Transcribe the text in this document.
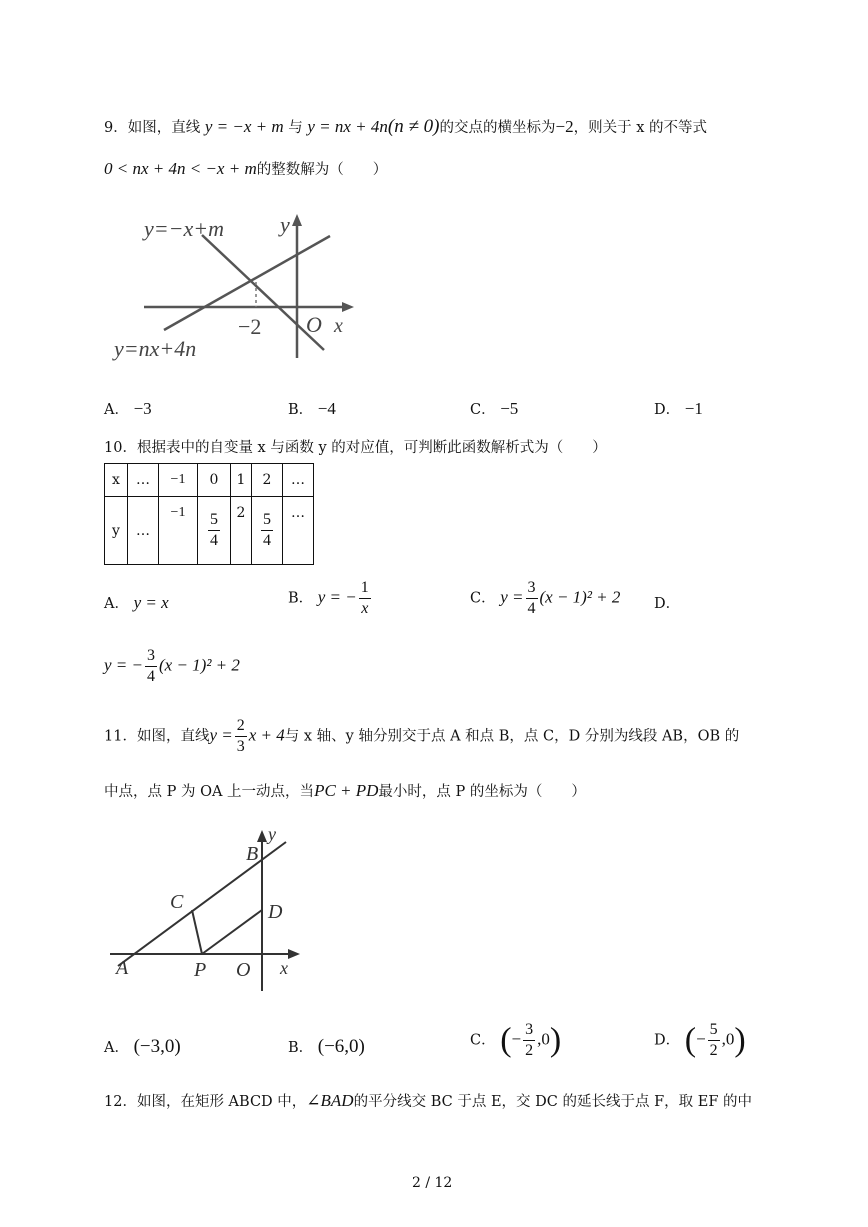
9．如图，直线 y = −x + m 与 y = nx + 4n(n ≠ 0)的交点的横坐标为−2，则关于 x 的不等式
0 < nx + 4n < −x + m的整数解为（　　）
y=−x+m
y=nx+4n
y
x
O
−2
A． −3	B． −4	C． −5	D． −1
10．根据表中的自变量 x 与函数 y 的对应值，可判断此函数解析式为（　　）
x	…	−1	0	1	2	…
y	…	−1	$\frac{5}{4}$	2	$\frac{5}{4}$	…
A． y = x	B． y = − $\frac{1}{x}$	C． $y = \frac{3}{4} (x - 1)^2 + 2$ D．
y = − $\frac{3}{4} (x - 1)^2 + 2$
11．如图，直线$y = \frac{2}{3}$ x + 4与 x 轴、y 轴分别交于点 A 和点 B，点 C，D 分别为线段 AB，OB 的
中点，点 P 为 OA 上一动点，当PC + PD最小时，点 P 的坐标为（　　）
A
B
C	D
P O x
y
A． (−3,0)	B． (−6,0)	C． (− $\frac{3}{2} ,0$)	D． (− $\frac{5}{2} ,0$)
12．如图，在矩形 ABCD 中，∠BAD的平分线交 BC 于点 E，交 DC 的延长线于点 F，取 EF 的中
2 / 12
